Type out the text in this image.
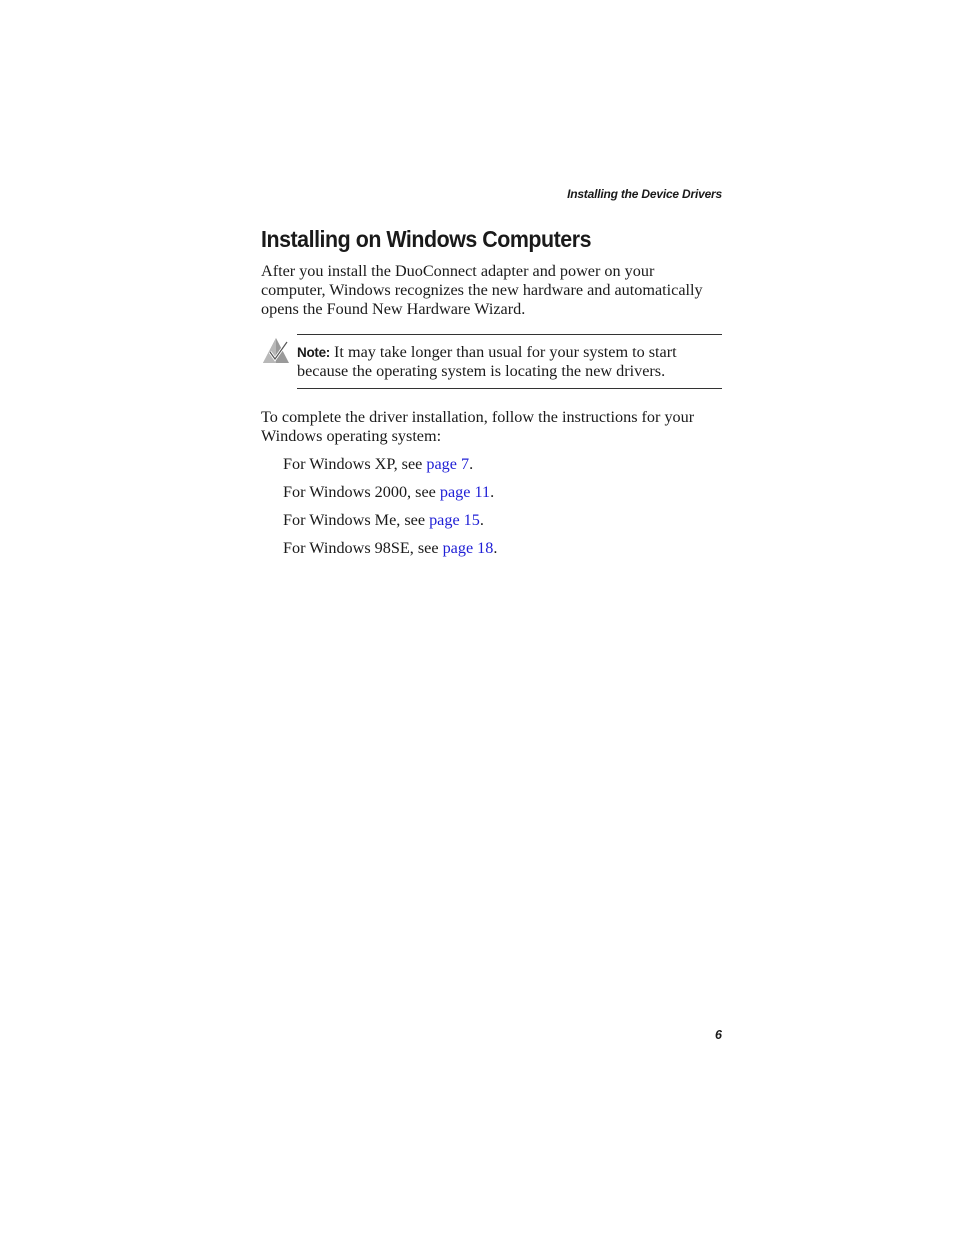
Installing the Device Drivers
Installing on Windows Computers

After you install the DuoConnect adapter and power on your computer, Windows recognizes the new hardware and automatically opens the Found New Hardware Wizard.

Note: It may take longer than usual for your system to start because the operating system is locating the new drivers.

To complete the driver installation, follow the instructions for your Windows operating system:

For Windows XP, see page 7.
For Windows 2000, see page 11.
For Windows Me, see page 15.
For Windows 98SE, see page 18.
6
